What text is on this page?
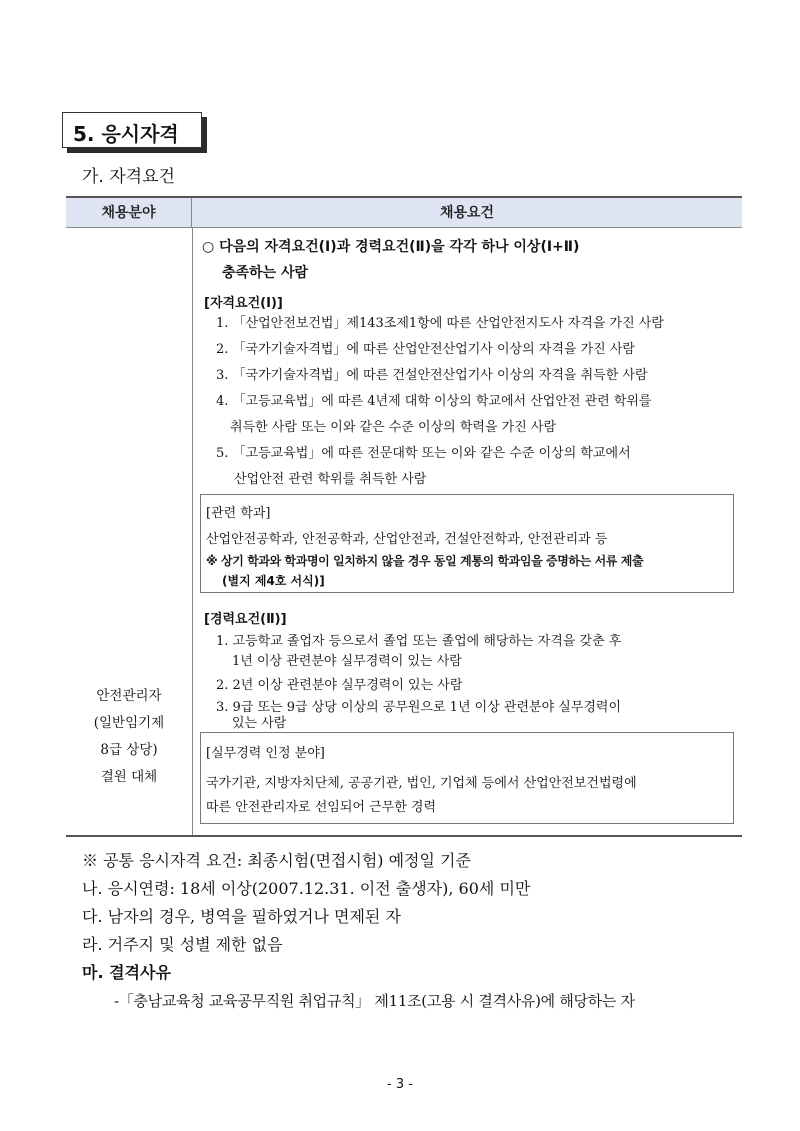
5. 응시자격
가. 자격요건
채용분야	채용요건
안전관리자
(일반임기제
8급 상당)
결원 대체
○ 다음의 자격요건(Ⅰ)과 경력요건(Ⅱ)을 각각 하나 이상(Ⅰ+Ⅱ)
충족하는 사람
[자격요건(Ⅰ)]
1. 「산업안전보건법」제143조제1항에 따른 산업안전지도사 자격을 가진 사람
2. 「국가기술자격법」에 따른 산업안전산업기사 이상의 자격을 가진 사람
3. 「국가기술자격법」에 따른 건설안전산업기사 이상의 자격을 취득한 사람
4. 「고등교육법」에 따른 4년제 대학 이상의 학교에서 산업안전 관련 학위를
취득한 사람 또는 이와 같은 수준 이상의 학력을 가진 사람
5. 「고등교육법」에 따른 전문대학 또는 이와 같은 수준 이상의 학교에서
산업안전 관련 학위를 취득한 사람
[관련 학과]
산업안전공학과, 안전공학과, 산업안전과, 건설안전학과, 안전관리과 등
※ 상기 학과와 학과명이 일치하지 않을 경우 동일 계통의 학과임을 증명하는 서류 제출
(별지 제4호 서식)]
[경력요건(Ⅱ)]
1. 고등학교 졸업자 등으로서 졸업 또는 졸업에 해당하는 자격을 갖춘 후
1년 이상 관련분야 실무경력이 있는 사람
2. 2년 이상 관련분야 실무경력이 있는 사람
3. 9급 또는 9급 상당 이상의 공무원으로 1년 이상 관련분야 실무경력이
있는 사람
[실무경력 인정 분야]
국가기관, 지방자치단체, 공공기관, 법인, 기업체 등에서 산업안전보건법령에
따른 안전관리자로 선임되어 근무한 경력
※ 공통 응시자격 요건: 최종시험(면접시험) 예정일 기준
나. 응시연령: 18세 이상(2007.12.31. 이전 출생자), 60세 미만
다. 남자의 경우, 병역을 필하였거나 면제된 자
라. 거주지 및 성별 제한 없음
마. 결격사유
-「충남교육청 교육공무직원 취업규칙」 제11조(고용 시 결격사유)에 해당하는 자
- 3 -
